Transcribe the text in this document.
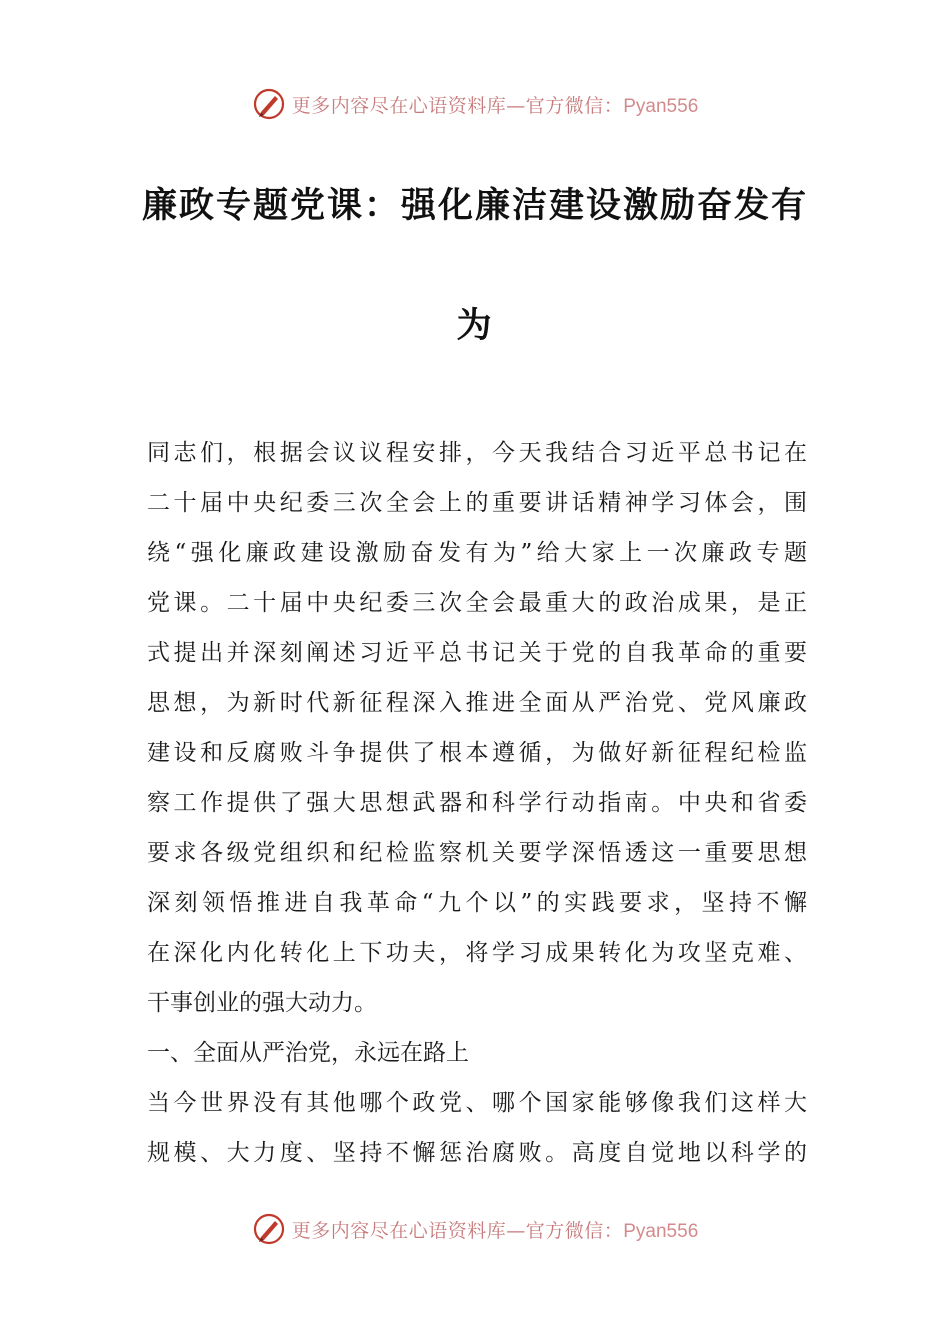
更多内容尽在心语资料库—官方微信：Pyan556
廉政专题党课：强化廉洁建设激励奋发有
为
同志们，根据会议议程安排，今天我结合习近平总书记在
二十届中央纪委三次全会上的重要讲话精神学习体会，围
绕“强化廉政建设激励奋发有为”给大家上一次廉政专题
党课。二十届中央纪委三次全会最重大的政治成果，是正
式提出并深刻阐述习近平总书记关于党的自我革命的重要
思想，为新时代新征程深入推进全面从严治党、党风廉政
建设和反腐败斗争提供了根本遵循，为做好新征程纪检监
察工作提供了强大思想武器和科学行动指南。中央和省委
要求各级党组织和纪检监察机关要学深悟透这一重要思想
深刻领悟推进自我革命“九个以”的实践要求，坚持不懈
在深化内化转化上下功夫，将学习成果转化为攻坚克难、
干事创业的强大动力。
一、全面从严治党，永远在路上
当今世界没有其他哪个政党、哪个国家能够像我们这样大
规模、大力度、坚持不懈惩治腐败。高度自觉地以科学的
更多内容尽在心语资料库—官方微信：Pyan556
